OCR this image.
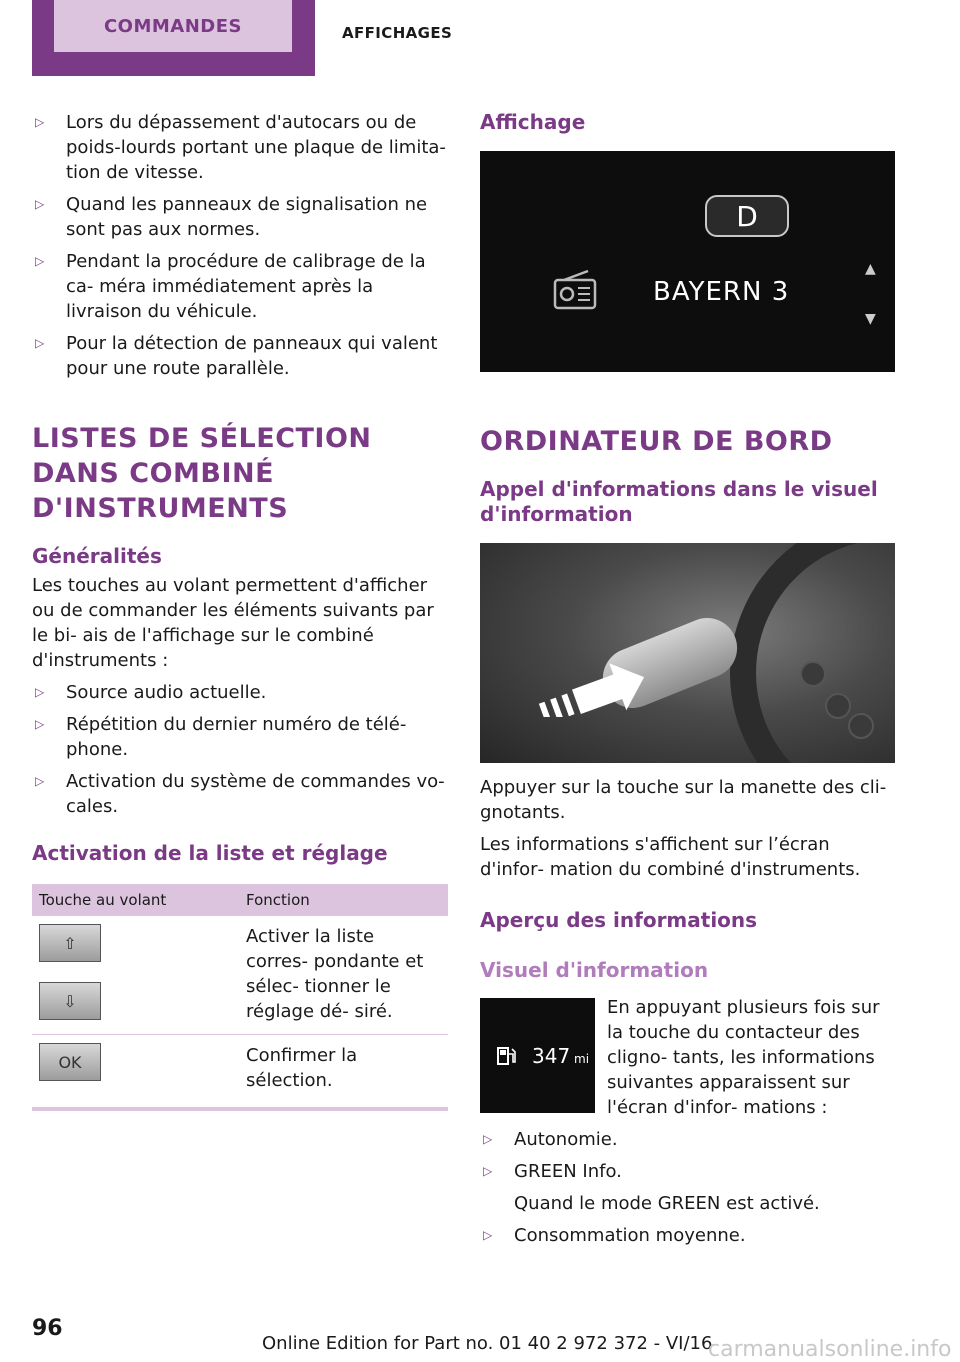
COMMANDES	AFFICHAGES
▷ Lors du dépassement d'autocars ou de poids-lourds portant une plaque de limita‐ tion de vitesse.
▷ Quand les panneaux de signalisation ne sont pas aux normes.
▷ Pendant la procédure de calibrage de la ca‐ méra immédiatement après la livraison du véhicule.
▷ Pour la détection de panneaux qui valent pour une route parallèle.
LISTES DE SÉLECTION DANS COMBINÉ D'INSTRUMENTS
Généralités
Les touches au volant permettent d'afficher ou de commander les éléments suivants par le bi‐ ais de l'affichage sur le combiné d'instruments :
▷ Source audio actuelle.
▷ Répétition du dernier numéro de télé‐ phone.
▷ Activation du système de commandes vo‐ cales.
Activation de la liste et réglage
Touche au volant	Fonction

⇧
⇩	Activer la liste corres‐ pondante et sélec‐ tionner le réglage dé‐ siré.

OK	Confirmer la sélection.
Affichage
D
BAYERN 3
▲
▼
ORDINATEUR DE BORD
Appel d'informations dans le visuel d'information
Appuyer sur la touche sur la manette des cli‐ gnotants.
Les informations s'affichent sur l’écran d'infor‐ mation du combiné d'instruments.
Aperçu des informations
Visuel d'information
347 mi
En appuyant plusieurs fois sur la touche du contacteur des cligno‐ tants, les informations suivantes apparaissent sur l'écran d'infor‐ mations :
▷ Autonomie.
▷ GREEN Info.
Quand le mode GREEN est activé.
▷ Consommation moyenne.
96
Online Edition for Part no. 01 40 2 972 372 - VI/16
carmanualsonline.info
